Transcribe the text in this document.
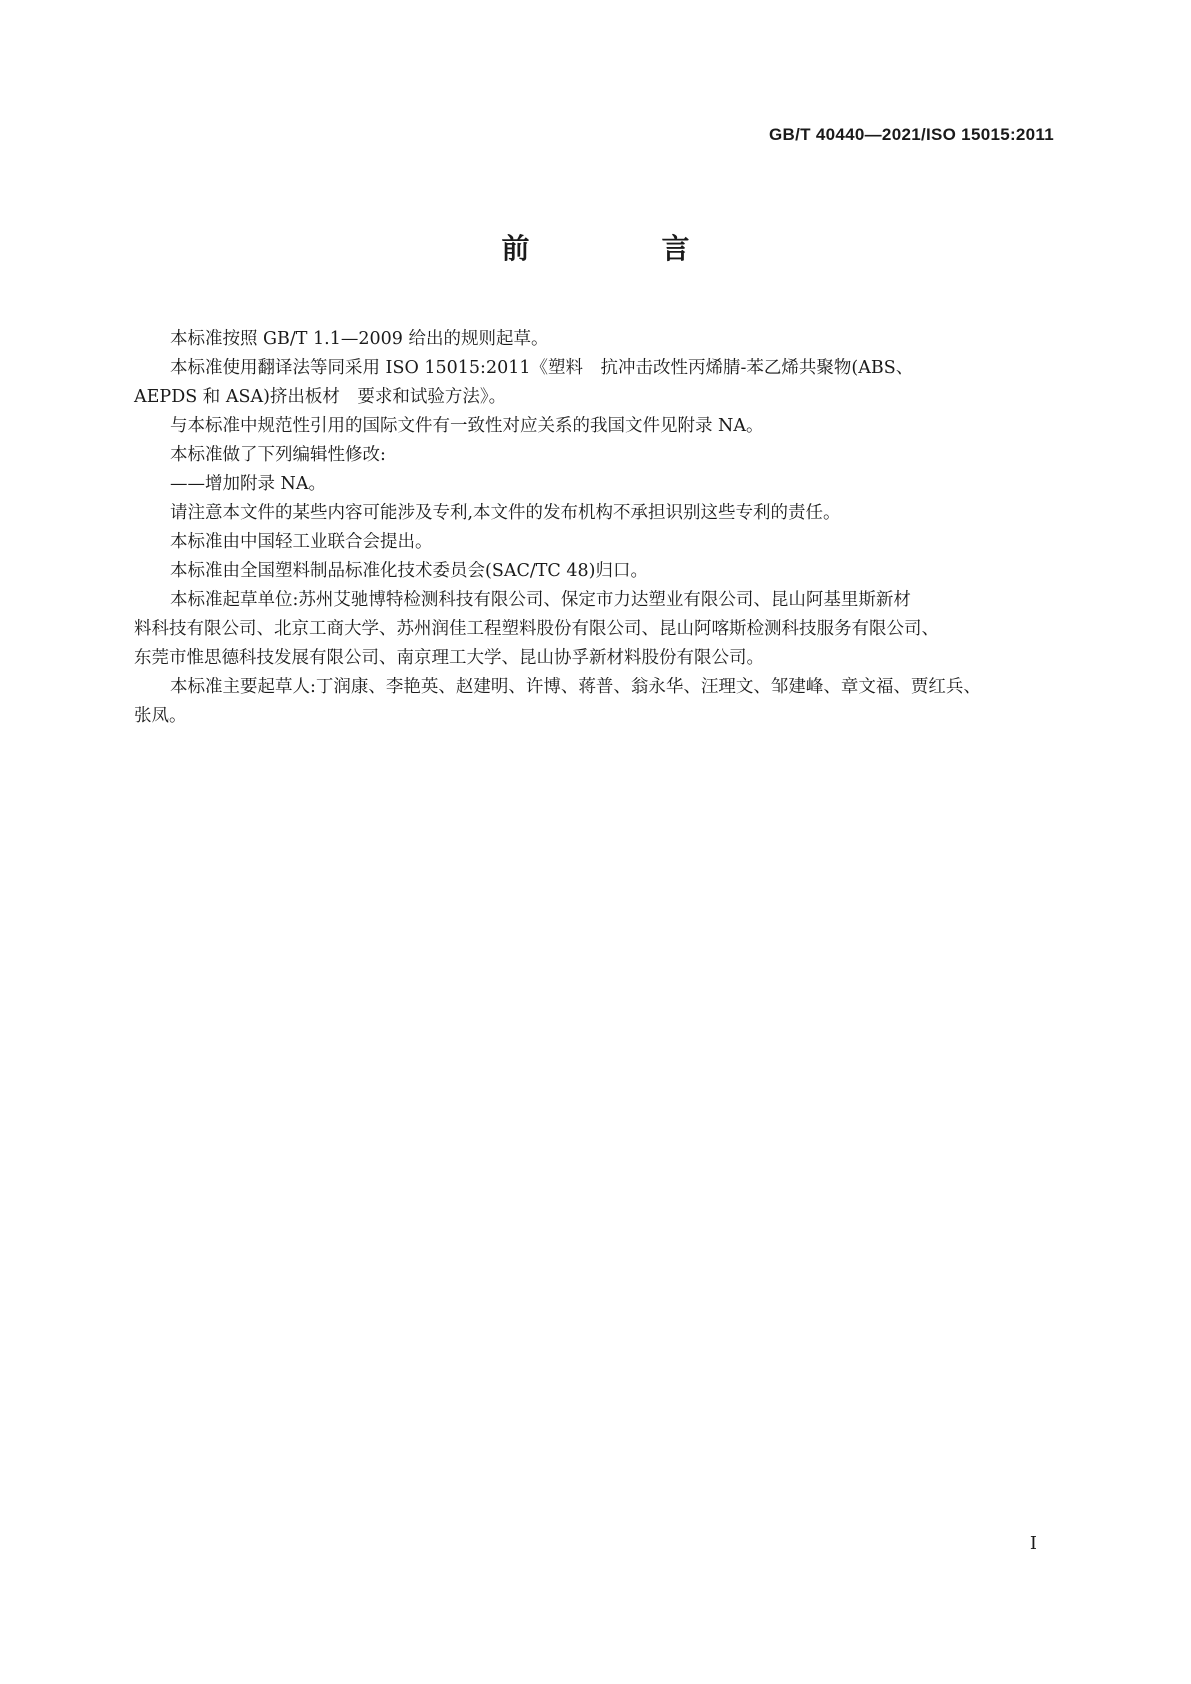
GB/T 40440—2021/ISO 15015:2011
前　言

本标准按照 GB/T 1.1—2009 给出的规则起草。

本标准使用翻译法等同采用 ISO 15015:2011《塑料　抗冲击改性丙烯腈-苯乙烯共聚物(ABS、
AEPDS 和 ASA)挤出板材　要求和试验方法》。

与本标准中规范性引用的国际文件有一致性对应关系的我国文件见附录 NA。

本标准做了下列编辑性修改:

——增加附录 NA。

请注意本文件的某些内容可能涉及专利,本文件的发布机构不承担识别这些专利的责任。

本标准由中国轻工业联合会提出。

本标准由全国塑料制品标准化技术委员会(SAC/TC 48)归口。

本标准起草单位:苏州艾驰博特检测科技有限公司、保定市力达塑业有限公司、昆山阿基里斯新材
料科技有限公司、北京工商大学、苏州润佳工程塑料股份有限公司、昆山阿喀斯检测科技服务有限公司、
东莞市惟思德科技发展有限公司、南京理工大学、昆山协孚新材料股份有限公司。

本标准主要起草人:丁润康、李艳英、赵建明、许博、蒋普、翁永华、汪理文、邹建峰、章文福、贾红兵、
张凤。

I
